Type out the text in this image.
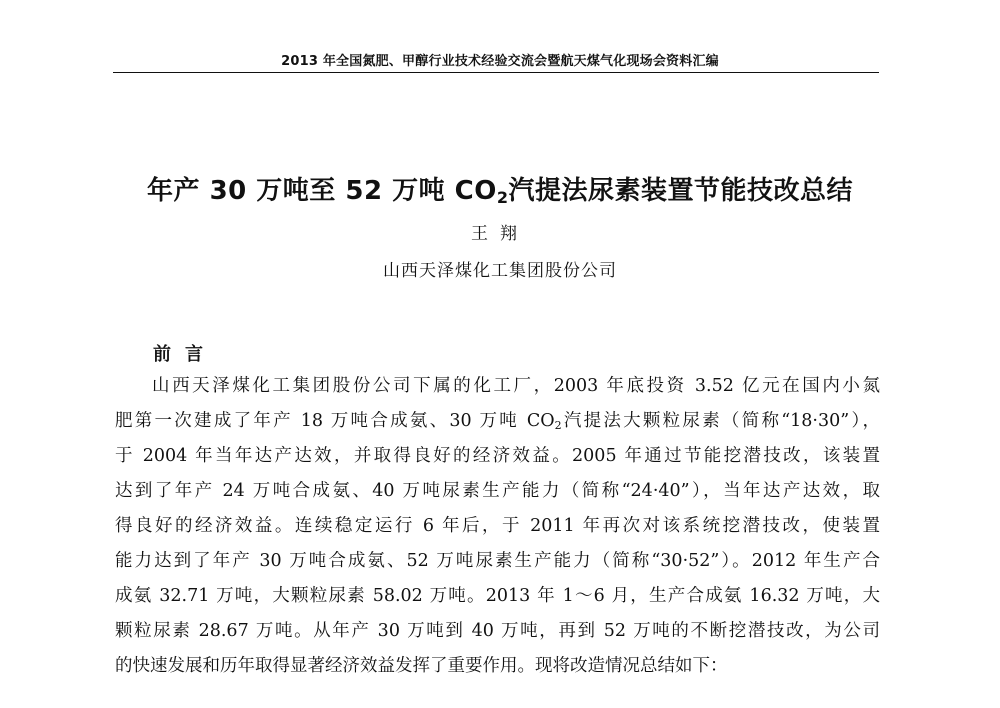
2013 年全国氮肥、甲醇行业技术经验交流会暨航天煤气化现场会资料汇编
年产 30 万吨至 52 万吨 $CO_2$汽提法尿素装置节能技改总结
王翔
山西天泽煤化工集团股份公司
前言
山西天泽煤化工集团股份公司下属的化工厂，2003 年底投资 3.52 亿元在国内小氮
肥第一次建成了年产 18 万吨合成氨、30 万吨 $CO_2$汽提法大颗粒尿素（简称“18·30”），
于 2004 年当年达产达效，并取得良好的经济效益。2005 年通过节能挖潜技改，该装置
达到了年产 24 万吨合成氨、40 万吨尿素生产能力（简称“24·40”），当年达产达效，取
得良好的经济效益。连续稳定运行 6 年后，于 2011 年再次对该系统挖潜技改，使装置
能力达到了年产 30 万吨合成氨、52 万吨尿素生产能力（简称“30·52”）。2012 年生产合
成氨 32.71 万吨，大颗粒尿素 58.02 万吨。2013 年 1～6 月，生产合成氨 16.32 万吨，大
颗粒尿素 28.67 万吨。从年产 30 万吨到 40 万吨，再到 52 万吨的不断挖潜技改，为公司
的快速发展和历年取得显著经济效益发挥了重要作用。现将改造情况总结如下：
